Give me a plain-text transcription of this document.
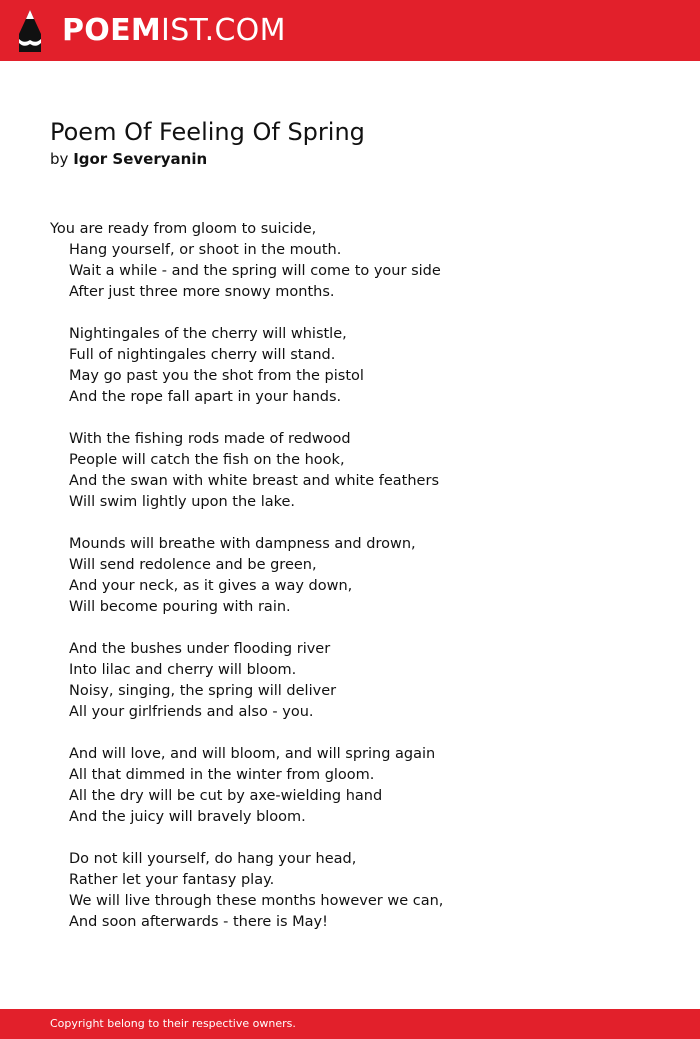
POEMIST.COM
Poem Of Feeling Of Spring
by Igor Severyanin
You are ready from gloom to suicide,
Hang yourself, or shoot in the mouth.
Wait a while - and the spring will come to your side
After just three more snowy months.
Nightingales of the cherry will whistle,
Full of nightingales cherry will stand.
May go past you the shot from the pistol
And the rope fall apart in your hands.
With the fishing rods made of redwood
People will catch the fish on the hook,
And the swan with white breast and white feathers
Will swim lightly upon the lake.
Mounds will breathe with dampness and drown,
Will send redolence and be green,
And your neck, as it gives a way down,
Will become pouring with rain.
And the bushes under flooding river
Into lilac and cherry will bloom.
Noisy, singing, the spring will deliver
All your girlfriends and also - you.
And will love, and will bloom, and will spring again
All that dimmed in the winter from gloom.
All the dry will be cut by axe-wielding hand
And the juicy will bravely bloom.
Do not kill yourself, do hang your head,
Rather let your fantasy play.
We will live through these months however we can,
And soon afterwards - there is May!
Copyright belong to their respective owners.
